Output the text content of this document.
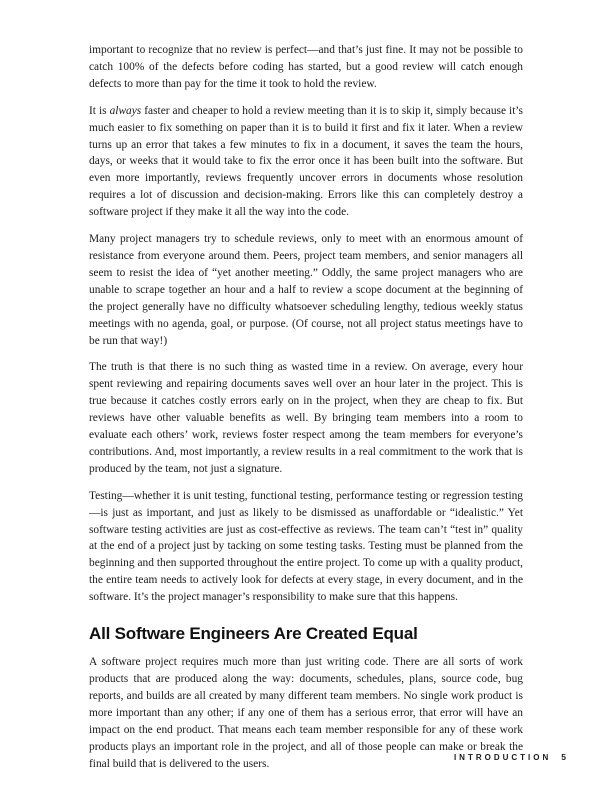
important to recognize that no review is perfect—and that’s just fine. It may not be possible to catch 100% of the defects before coding has started, but a good review will catch enough defects to more than pay for the time it took to hold the review.

It is always faster and cheaper to hold a review meeting than it is to skip it, simply because it’s much easier to fix something on paper than it is to build it first and fix it later. When a review turns up an error that takes a few minutes to fix in a document, it saves the team the hours, days, or weeks that it would take to fix the error once it has been built into the software. But even more importantly, reviews frequently uncover errors in documents whose resolution requires a lot of discussion and decision-making. Errors like this can completely destroy a software project if they make it all the way into the code.

Many project managers try to schedule reviews, only to meet with an enormous amount of resistance from everyone around them. Peers, project team members, and senior managers all seem to resist the idea of “yet another meeting.” Oddly, the same project managers who are unable to scrape together an hour and a half to review a scope document at the beginning of the project generally have no difficulty whatsoever scheduling lengthy, tedious weekly status meetings with no agenda, goal, or purpose. (Of course, not all project status meetings have to be run that way!)

The truth is that there is no such thing as wasted time in a review. On average, every hour spent reviewing and repairing documents saves well over an hour later in the project. This is true because it catches costly errors early on in the project, when they are cheap to fix. But reviews have other valuable benefits as well. By bringing team members into a room to evaluate each others’ work, reviews foster respect among the team members for everyone’s contributions. And, most importantly, a review results in a real commitment to the work that is produced by the team, not just a signature.

Testing—whether it is unit testing, functional testing, performance testing or regression testing—is just as important, and just as likely to be dismissed as unaffordable or “idealistic.” Yet software testing activities are just as cost-effective as reviews. The team can’t “test in” quality at the end of a project just by tacking on some testing tasks. Testing must be planned from the beginning and then supported throughout the entire project. To come up with a quality product, the entire team needs to actively look for defects at every stage, in every document, and in the software. It’s the project manager’s responsibility to make sure that this happens.

All Software Engineers Are Created Equal

A software project requires much more than just writing code. There are all sorts of work products that are produced along the way: documents, schedules, plans, source code, bug reports, and builds are all created by many different team members. No single work product is more important than any other; if any one of them has a serious error, that error will have an impact on the end product. That means each team member responsible for any of these work products plays an important role in the project, and all of those people can make or break the final build that is delivered to the users.

INTRODUCTION 5
